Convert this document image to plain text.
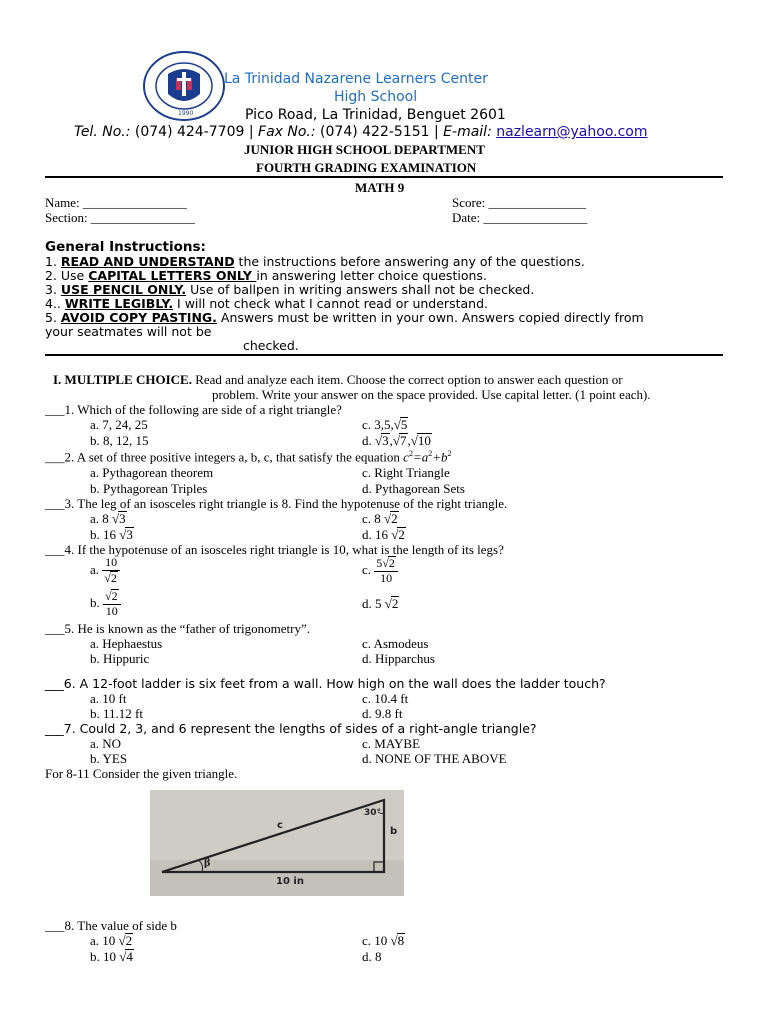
1990
La Trinidad Nazarene Learners Center
High School
Pico Road, La Trinidad, Benguet 2601
Tel. No.: (074) 424-7709 | Fax No.: (074) 422-5151 | E-mail: nazlearn@yahoo.com
JUNIOR HIGH SCHOOL DEPARTMENT
FOURTH GRADING EXAMINATION
MATH 9
Name: ________________
Section: ________________
Score: _______________
Date: ________________
General Instructions:
1. READ AND UNDERSTAND the instructions before answering any of the questions.
2. Use CAPITAL LETTERS ONLY in answering letter choice questions.
3. USE PENCIL ONLY. Use of ballpen in writing answers shall not be checked.
4.. WRITE LEGIBLY. I will not check what I cannot read or understand.
5. AVOID COPY PASTING. Answers must be written in your own. Answers copied directly from
your seatmates will not be
checked.
I. MULTIPLE CHOICE. Read and analyze each item. Choose the correct option to answer each question or
problem. Write your answer on the space provided. Use capital letter. (1 point each).
___1. Which of the following are side of a right triangle?
a. 7, 24, 25
b. 8, 12, 15
c. 3,5,√5
d. √3,√7,√10
___2. A set of three positive integers a, b, c, that satisfy the equation $c^2=a^2+b^2$
a. Pythagorean theorem
b. Pythagorean Triples
c. Right Triangle
d. Pythagorean Sets
___3. The leg of an isosceles right triangle is 8. Find the hypotenuse of the right triangle.
a. 8 √3
b. 16 √3
c. 8 √2
d. 16 √2
___4. If the hypotenuse of an isosceles right triangle is 10, what is the length of its legs?
a. $\frac{10}{√2}$	c. $\frac{5√2}{10}$
b. $\frac{√2}{10}$	d. 5 √2
___5. He is known as the “father of trigonometry”.
a. Hephaestus
b. Hippuric
c. Asmodeus
d. Hipparchus
___6. A 12-foot ladder is six feet from a wall. How high on the wall does the ladder touch?
a. 10 ft
b. 11.12 ft
c. 10.4 ft
d. 9.8 ft
___7. Could 2, 3, and 6 represent the lengths of sides of a right-angle triangle?
a. NO
b. YES
c. MAYBE
d. NONE OF THE ABOVE
For 8-11 Consider the given triangle.
30°
c
b
β
10 in
___8. The value of side b
a. 10 √2
b. 10 √4
c. 10 √8
d. 8
